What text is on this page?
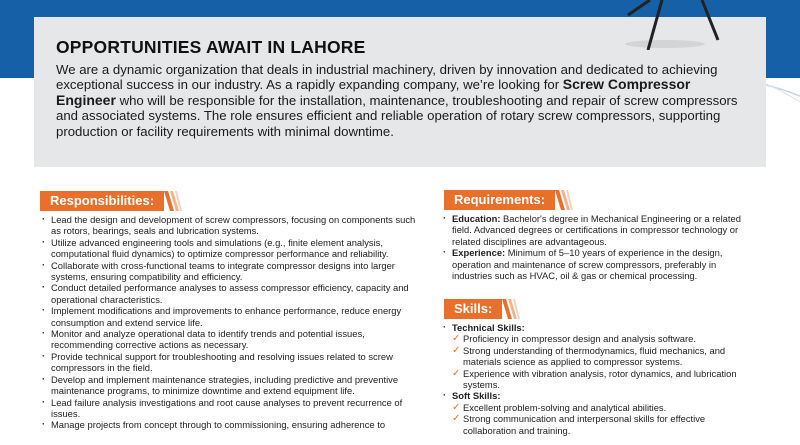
OPPORTUNITIES AWAIT IN LAHORE

We are a dynamic organization that deals in industrial machinery, driven by innovation and dedicated to achieving exceptional success in our industry. As a rapidly expanding company, we’re looking for Screw Compressor Engineer who will be responsible for the installation, maintenance, troubleshooting and repair of screw compressors and associated systems. The role ensures efficient and reliable operation of rotary screw compressors, supporting production or facility requirements with minimal downtime.

Responsibilities:
· Lead the design and development of screw compressors, focusing on components such as rotors, bearings, seals and lubrication systems.
· Utilize advanced engineering tools and simulations (e.g., finite element analysis, computational fluid dynamics) to optimize compressor performance and reliability.
· Collaborate with cross-functional teams to integrate compressor designs into larger systems, ensuring compatibility and efficiency.
· Conduct detailed performance analyses to assess compressor efficiency, capacity and operational characteristics.
· Implement modifications and improvements to enhance performance, reduce energy consumption and extend service life.
· Monitor and analyze operational data to identify trends and potential issues, recommending corrective actions as necessary.
· Provide technical support for troubleshooting and resolving issues related to screw compressors in the field.
· Develop and implement maintenance strategies, including predictive and preventive maintenance programs, to minimize downtime and extend equipment life.
· Lead failure analysis investigations and root cause analyses to prevent recurrence of issues.
· Manage projects from concept through to commissioning, ensuring adherence to
Requirements:
· Education: Bachelor's degree in Mechanical Engineering or a related field. Advanced degrees or certifications in compressor technology or related disciplines are advantageous.
· Experience: Minimum of 5–10 years of experience in the design, operation and maintenance of screw compressors, preferably in industries such as HVAC, oil & gas or chemical processing.
Skills:
· Technical Skills:
✓ Proficiency in compressor design and analysis software.
✓ Strong understanding of thermodynamics, fluid mechanics, and materials science as applied to compressor systems.
✓ Experience with vibration analysis, rotor dynamics, and lubrication systems.
· Soft Skills:
✓ Excellent problem-solving and analytical abilities.
✓ Strong communication and interpersonal skills for effective collaboration and training.
